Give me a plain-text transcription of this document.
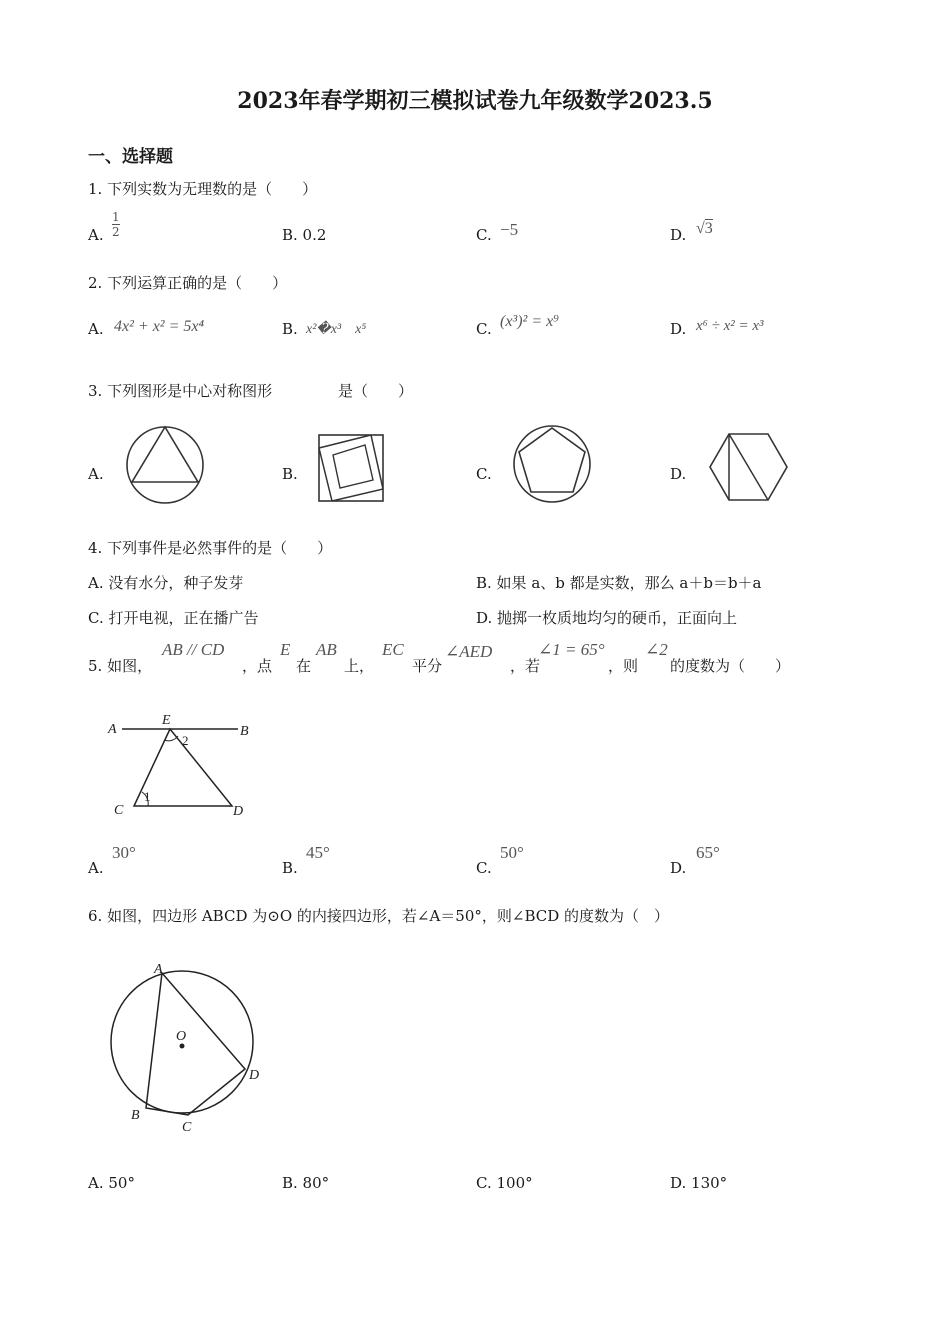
2023年春学期初三模拟试卷九年级数学2023.5
一、选择题
1. 下列实数为无理数的是（　　）
A. $\frac{1}{2}$	B. 0.2	C. −5	D. √3
2. 下列运算正确的是（　　）
A. 4x² + x² = 5x⁴	B. x²�x³　x⁵	C. (x³)² = x⁹	D. x⁶ ÷ x² = x³
3. 下列图形是中心对称图形	是（　　）
A.	B.	C.	D.
4. 下列事件是必然事件的是（　　）
A. 没有水分，种子发芽	B. 如果 a、b 都是实数，那么 a＋b＝b＋a
C. 打开电视，正在播广告	D. 抛掷一枚质地均匀的硬币，正面向上
5. 如图，
AB // CD
，点
E
在
AB
上，
EC
平分
∠AED
，若
∠1 = 65°
，则
∠2
的度数为（　　）
A
E
B
C	D
1
2
A.
30°
B.
45°
C.
50°
D.
65°
6. 如图，四边形 ABCD 为⊙O 的内接四边形，若∠A＝50°，则∠BCD 的度数为（　）
A
O
D
B
C
A. 50°	B. 80°	C. 100°	D. 130°
